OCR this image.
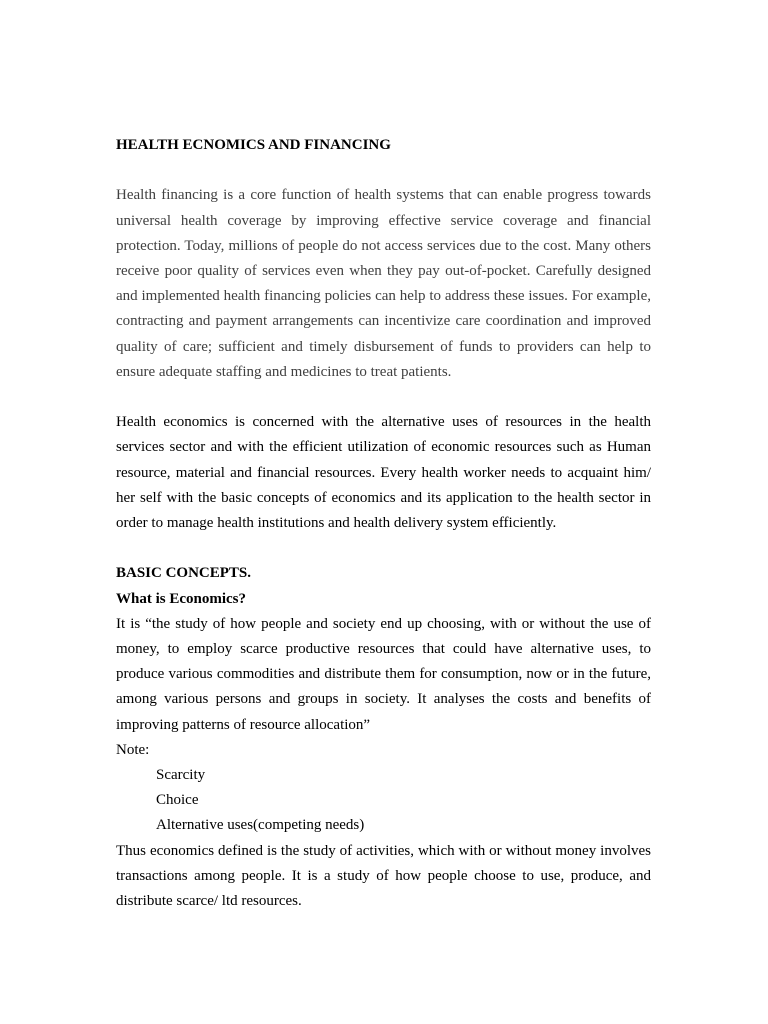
HEALTH ECNOMICS AND FINANCING

Health financing is a core function of health systems that can enable progress towards universal health coverage by improving effective service coverage and financial protection. Today, millions of people do not access services due to the cost. Many others receive poor quality of services even when they pay out-of-pocket. Carefully designed and implemented health financing policies can help to address these issues. For example, contracting and payment arrangements can incentivize care coordination and improved quality of care; sufficient and timely disbursement of funds to providers can help to ensure adequate staffing and medicines to treat patients.

Health economics is concerned with the alternative uses of resources in the health services sector and with the efficient utilization of economic resources such as Human resource, material and financial resources. Every health worker needs to acquaint him/ her self with the basic concepts of economics and its application to the health sector in order to manage health institutions and health delivery system efficiently.

BASIC CONCEPTS.

What is Economics?

It is “the study of how people and society end up choosing, with or without the use of money, to employ scarce productive resources that could have alternative uses, to produce various commodities and distribute them for consumption, now or in the future, among various persons and groups in society. It analyses the costs and benefits of improving patterns of resource allocation”

Note:

Scarcity
Choice
Alternative uses(competing needs)

Thus economics defined is the study of activities, which with or without money involves transactions among people. It is a study of how people choose to use, produce, and distribute scarce/ ltd resources.
